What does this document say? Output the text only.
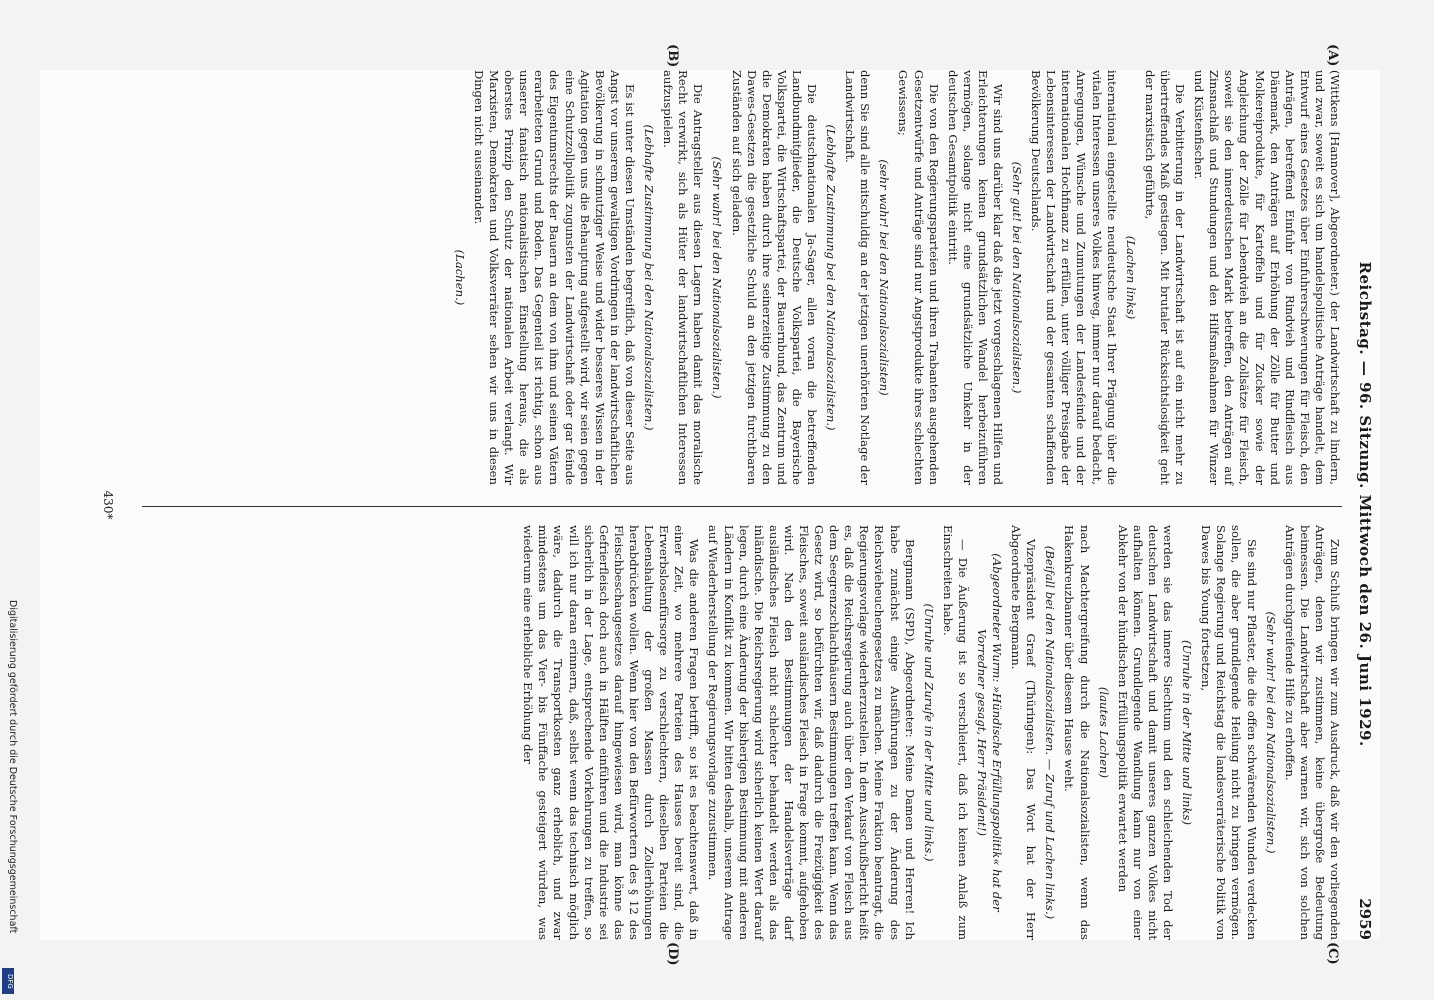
Reichstag. — 96. Sitzung. Mittwoch den 26. Juni 1929.
2959
(A)
(B)
(C)
(D)

(Wittkens [Hannover], Abgeordneter.) der Landwirtschaft zu lindern, und zwar, soweit es sich um handelspolitische Anträge handelt, dem Entwurf eines Gesetzes über Einfuhrerschwerungen für Fleisch, den Anträgen, betreffend Einfuhr von Rindvieh und Rindfleisch aus Dänemark, den Anträgen auf Erhöhung der Zölle für Butter und Molkereiprodukte, für Kartoffeln und für Zucker sowie der Angleichung der Zölle für Lebendvieh an die Zollsätze für Fleisch, soweit sie den innerdeutschen Markt betreffen, den Anträgen auf Zinsnachlaß und Stundungen und den Hilfsmaßnahmen für Winzer und Küstenfischer.

Die Verbitterung in der Landwirtschaft ist auf ein nicht mehr zu übertreffendes Maß gestiegen. Mit brutaler Rücksichtslosigkeit geht der marxistisch geführte,

(Lachen links)

international eingestellte neudeutsche Staat Ihrer Prägung über die vitalen Interessen unseres Volkes hinweg, immer nur darauf bedacht, Anregungen, Wünsche und Zumutungen der Landesfeinde und der internationalen Hochfinanz zu erfüllen, unter völliger Preisgabe der Lebensinteressen der Landwirtschaft und der gesamten schaffenden Bevölkerung Deutschlands.

(Sehr gut! bei den Nationalsozialisten.)

Wir sind uns darüber klar daß die jetzt vorgeschlagenen Hilfen und Erleichterungen keinen grundsätzlichen Wandel herbeizuführen vermögen, solange nicht eine grundsätzliche Umkehr in der deutschen Gesamtpolitik eintritt.

Die von den Regierungsparteien und ihren Trabanten ausgehenden Gesetzentwürfe und Anträge sind nur Angstprodukte ihres schlechten Gewissens;

(sehr wahr! bei den Nationalsozialisten)

denn Sie sind alle mitschuldig an der jetzigen unerhörten Notlage der Landwirtschaft.

(Lebhafte Zustimmung bei den Nationalsozialisten.)

Die deutschnationalen Ja-Sager, allen voran die betreffenden Landbundmitglieder, die Deutsche Volkspartei, die Bayerische Volkspartei, die Wirtschaftspartei, der Bauernbund, das Zentrum und die Demokraten haben durch ihre seinerzeitige Zustimmung zu den Dawes-Gesetzen die gesetzliche Schuld an den jetzigen furchtbaren Zuständen auf sich geladen.

(Sehr wahr! bei den Nationalsozialisten.)

Die Antragsteller aus diesen Lagern haben damit das moralische Recht verwirkt, sich als Hüter der landwirtschaftlichen Interessen aufzuspielen.

(Lebhafte Zustimmung bei den Nationalsozialisten.)

Es ist unter diesen Umständen begreiflich, daß von dieser Seite aus Angst vor unserem gewaltigen Vordringen in der landwirtschaftlichen Bevölkerung in schmutziger Weise und wider besseres Wissen in der Agitation gegen uns die Behauptung aufgestellt wird, wir seien gegen eine Schutzzollpolitik zugunsten der Landwirtschaft oder gar feinde des Eigentumsrechts der Bauern an dem von ihm und seinen Vätern erarbeiteten Grund und Boden. Das Gegenteil ist richtig, schon aus unserer fanatisch nationalistischen Einstellung heraus, die als oberstes Prinzip den Schutz der nationalen Arbeit verlangt. Wir Marxisten, Demokraten und Volksverräter sehen wir uns in diesen Dingen nicht auseinander.

(Lachen.)

Zum Schluß bringen wir zum Ausdruck, daß wir den vorliegenden Anträgen, denen wir zustimmen, keine übergroße Bedeutung beimessen. Die Landwirtschaft aber warnen wir, sich von solchen Anträgen durchgreifende Hilfe zu erhoffen.

(Sehr wahr! bei den Nationalsozialisten.)

Sie sind nur Pflaster, die die offen schwärenden Wunden verdecken sollen, die aber grundlegende Heilung nicht zu bringen vermögen. Solange Regierung und Reichstag die landesverräterische Politik von Dawes bis Young fortsetzen,

(Unruhe in der Mitte und links)

werden sie das innere Siechtum und den schleichenden Tod der deutschen Landwirtschaft und damit unseres ganzen Volkes nicht aufhalten können. Grundlegende Wandlung kann nur von einer Abkehr von der hündischen Erfüllungspolitik erwartet werden

(lautes Lachen)

nach Machtergreifung durch die Nationalsozialisten, wenn das Hakenkreuzbanner über diesem Hause weht.

(Beifall bei den Nationalsozialisten. — Zuruf und Lachen links.)

Vizepräsident Graef (Thüringen): Das Wort hat der Herr Abgeordnete Bergmann.

(Abgeordneter Wurm: »Hündische Erfüllungspolitik« hat der Vorredner gesagt, Herr Präsident!)

— Die Äußerung ist so verschleiert, daß ich keinen Anlaß zum Einschreiten habe.

(Unruhe und Zurufe in der Mitte und links.)

Bergmann (SPD), Abgeordneter: Meine Damen und Herren! Ich habe zunächst einige Ausführungen zu der Änderung des Reichsvieheuchengesetzes zu machen. Meine Fraktion beantragt, die Regierungsvorlage wiederherzustellen. In dem Ausschußbericht heißt es, daß die Reichsregierung auch über den Verkauf von Fleisch aus dem Seegrenzschlachthäusern Bestimmungen treffen kann. Wenn das Gesetz wird, so befürchten wir, daß dadurch die Freizügigkeit des Fleisches, soweit ausländisches Fleisch in Frage kommt, aufgehoben wird. Nach den Bestimmungen der Handelsverträge darf ausländisches Fleisch nicht schlechter behandelt werden als das inländische. Die Reichsregierung wird sicherlich keinen Wert darauf legen, durch eine Änderung der bisherigen Bestimmung mit anderen Ländern in Konflikt zu kommen. Wir bitten deshalb, unserem Antrage auf Wiederherstellung der Regierungsvorlage zuzustimmen.

Was die anderen Fragen betrifft, so ist es beachtenswert, daß in einer Zeit, wo mehrere Parteien des Hauses bereit sind, die Erwerbslosenfürsorge zu verschlechtern, dieselben Parteien die Lebenshaltung der großen Massen durch Zollerhöhungen herabdrücken wollen. Wenn hier von den Befürwortern des § 12 des Fleischbeschaugesetzes darauf hingewiesen wird, man könne das Gefrierfleisch doch auch in Hälften einführen und die Industrie sei sicherlich in der Lage, entsprechende Vorkehrungen zu treffen, so will ich nur daran erinnern, daß, selbst wenn das technisch möglich wäre, dadurch die Transportkosten ganz erheblich, und zwar mindestens um das Vier- bis Fünffache gesteigert würden, was wiederum eine erhebliche Erhöhung der

430*
Digitalisierung gefördert durch die Deutsche Forschungsgemeinschaft
DFG
